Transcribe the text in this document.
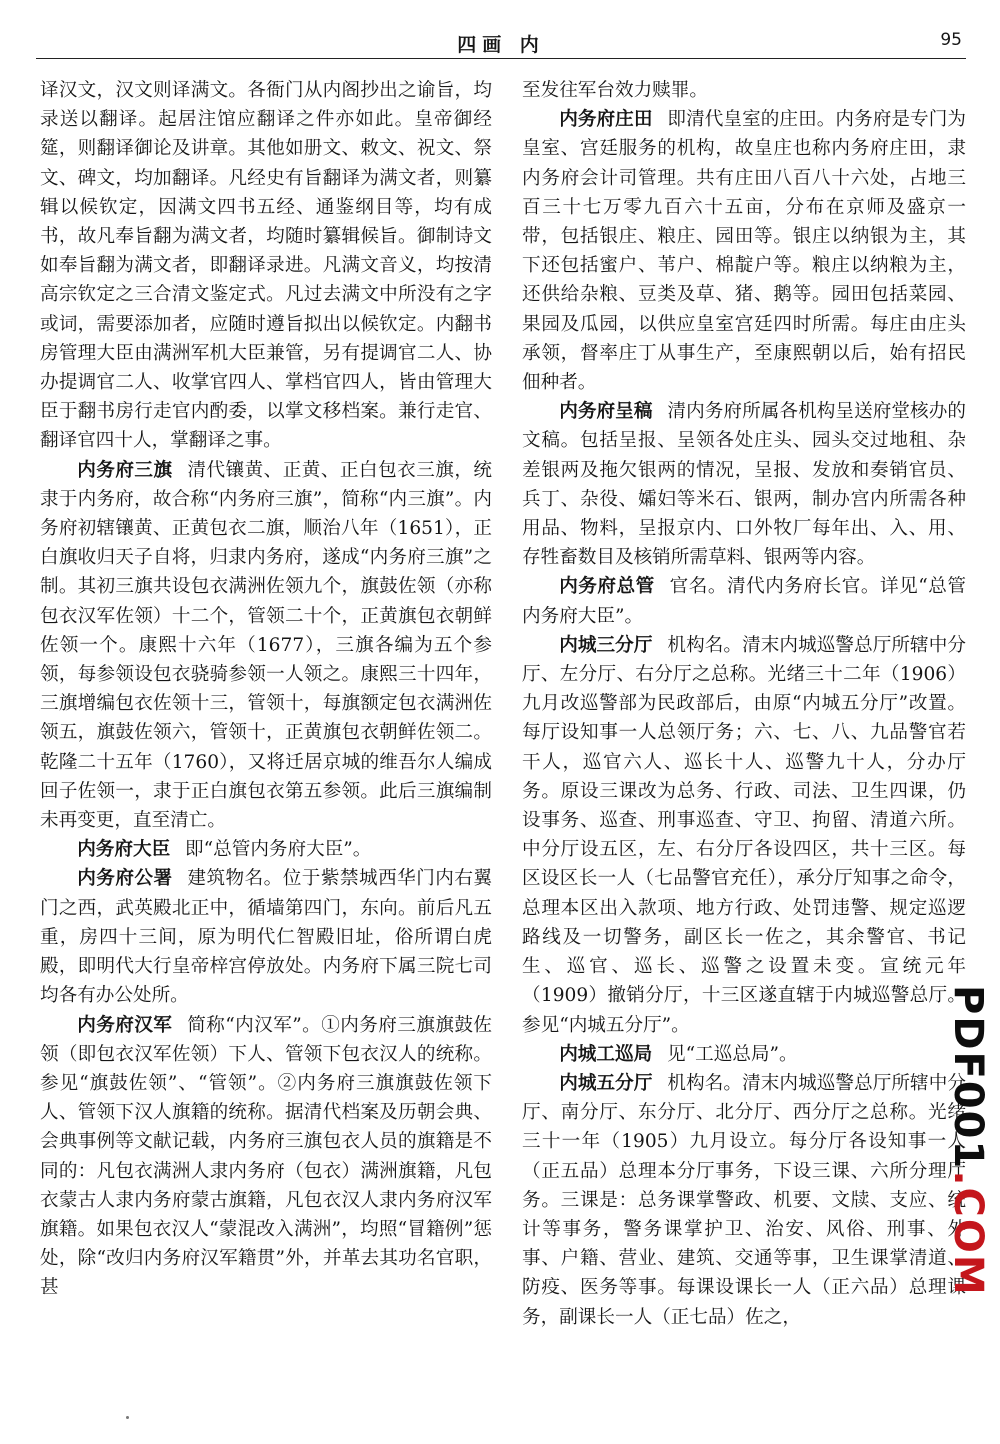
四画 内	95

译汉文，汉文则译满文。各衙门从内阁抄出之谕旨，均录送以翻译。起居注馆应翻译之件亦如此。皇帝御经筵，则翻译御论及讲章。其他如册文、敕文、祝文、祭文、碑文，均加翻译。凡经史有旨翻译为满文者，则纂辑以候钦定，因满文四书五经、通鉴纲目等，均有成书，故凡奉旨翻为满文者，均随时纂辑候旨。御制诗文如奉旨翻为满文者，即翻译录进。凡满文音义，均按清高宗钦定之三合清文鉴定式。凡过去满文中所没有之字或词，需要添加者，应随时遵旨拟出以候钦定。内翻书房管理大臣由满洲军机大臣兼管，另有提调官二人、协办提调官二人、收掌官四人、掌档官四人，皆由管理大臣于翻书房行走官内酌委，以掌文移档案。兼行走官、翻译官四十人，掌翻译之事。

内务府三旗 清代镶黄、正黄、正白包衣三旗，统隶于内务府，故合称“内务府三旗”，简称“内三旗”。内务府初辖镶黄、正黄包衣二旗，顺治八年（1651），正白旗收归天子自将，归隶内务府，遂成“内务府三旗”之制。其初三旗共设包衣满洲佐领九个，旗鼓佐领（亦称包衣汉军佐领）十二个，管领二十个，正黄旗包衣朝鲜佐领一个。康熙十六年（1677），三旗各编为五个参领，每参领设包衣骁骑参领一人领之。康熙三十四年，三旗增编包衣佐领十三，管领十，每旗额定包衣满洲佐领五，旗鼓佐领六，管领十，正黄旗包衣朝鲜佐领二。乾隆二十五年（1760），又将迁居京城的维吾尔人编成回子佐领一，隶于正白旗包衣第五参领。此后三旗编制未再变更，直至清亡。

内务府大臣 即“总管内务府大臣”。

内务府公署 建筑物名。位于紫禁城西华门内右翼门之西，武英殿北正中，循墙第四门，东向。前后凡五重，房四十三间，原为明代仁智殿旧址，俗所谓白虎殿，即明代大行皇帝梓宫停放处。内务府下属三院七司均各有办公处所。

内务府汉军 简称“内汉军”。①内务府三旗旗鼓佐领（即包衣汉军佐领）下人、管领下包衣汉人的统称。参见“旗鼓佐领”、“管领”。②内务府三旗旗鼓佐领下人、管领下汉人旗籍的统称。据清代档案及历朝会典、会典事例等文献记载，内务府三旗包衣人员的旗籍是不同的：凡包衣满洲人隶内务府（包衣）满洲旗籍，凡包衣蒙古人隶内务府蒙古旗籍，凡包衣汉人隶内务府汉军旗籍。如果包衣汉人“蒙混改入满洲”，均照“冒籍例”惩处，除“改归内务府汉军籍贯”外，并革去其功名官职，甚

至发往军台效力赎罪。

内务府庄田 即清代皇室的庄田。内务府是专门为皇室、宫廷服务的机构，故皇庄也称内务府庄田，隶内务府会计司管理。共有庄田八百八十六处，占地三百三十七万零九百六十五亩，分布在京师及盛京一带，包括银庄、粮庄、园田等。银庄以纳银为主，其下还包括蜜户、苇户、棉靛户等。粮庄以纳粮为主，还供给杂粮、豆类及草、猪、鹅等。园田包括菜园、果园及瓜园，以供应皇室宫廷四时所需。每庄由庄头承领，督率庄丁从事生产，至康熙朝以后，始有招民佃种者。

内务府呈稿 清内务府所属各机构呈送府堂核办的文稿。包括呈报、呈领各处庄头、园头交过地租、杂差银两及拖欠银两的情况，呈报、发放和奏销官员、兵丁、杂役、孀妇等米石、银两，制办宫内所需各种用品、物料，呈报京内、口外牧厂每年出、入、用、存牲畜数目及核销所需草料、银两等内容。

内务府总管 官名。清代内务府长官。详见“总管内务府大臣”。

内城三分厅 机构名。清末内城巡警总厅所辖中分厅、左分厅、右分厅之总称。光绪三十二年（1906）九月改巡警部为民政部后，由原“内城五分厅”改置。每厅设知事一人总领厅务；六、七、八、九品警官若干人，巡官六人、巡长十人、巡警九十人，分办厅务。原设三课改为总务、行政、司法、卫生四课，仍设事务、巡查、刑事巡查、守卫、拘留、清道六所。中分厅设五区，左、右分厅各设四区，共十三区。每区设区长一人（七品警官充任），承分厅知事之命令，总理本区出入款项、地方行政、处罚违警、规定巡逻路线及一切警务，副区长一佐之，其余警官、书记生、巡官、巡长、巡警之设置未变。宣统元年（1909）撤销分厅，十三区遂直辖于内城巡警总厅。参见“内城五分厅”。

内城工巡局 见“工巡总局”。

内城五分厅 机构名。清末内城巡警总厅所辖中分厅、南分厅、东分厅、北分厅、西分厅之总称。光绪三十一年（1905）九月设立。每分厅各设知事一人（正五品）总理本分厅事务，下设三课、六所分理厅务。三课是：总务课掌警政、机要、文牍、支应、统计等事务，警务课掌护卫、治安、风俗、刑事、外事、户籍、营业、建筑、交通等事，卫生课掌清道、防疫、医务等事。每课设课长一人（正六品）总理课务，副课长一人（正七品）佐之，

PDF001.COM
